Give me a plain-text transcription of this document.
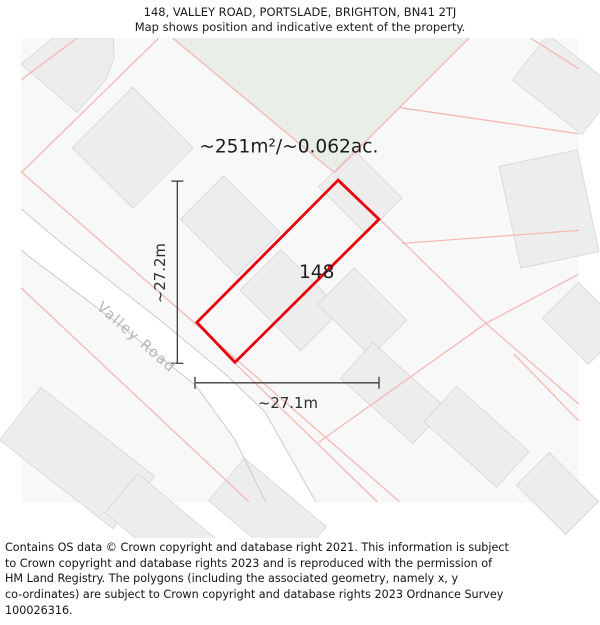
148, VALLEY ROAD, PORTSLADE, BRIGHTON, BN41 2TJ
Map shows position and indicative extent of the property.
~251m²/~0.062ac.
148
~27.2m
~27.1m
Valley Road
Contains OS data © Crown copyright and database right 2021. This information is subject
to Crown copyright and database rights 2023 and is reproduced with the permission of
HM Land Registry. The polygons (including the associated geometry, namely x, y
co-ordinates) are subject to Crown copyright and database rights 2023 Ordnance Survey
100026316.
